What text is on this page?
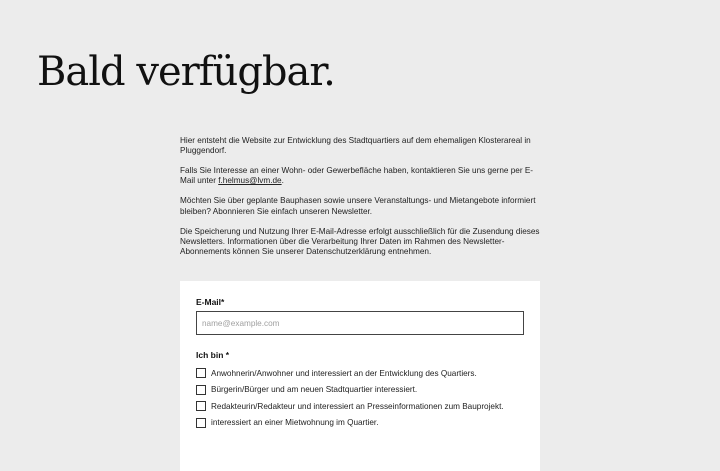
Bald verfügbar.

Hier entsteht die Website zur Entwicklung des Stadtquartiers auf dem ehemaligen Klosterareal in Pluggendorf.

Falls Sie Interesse an einer Wohn- oder Gewerbefläche haben, kontaktieren Sie uns gerne per E-Mail unter f.helmus@lvm.de.

Möchten Sie über geplante Bauphasen sowie unsere Veranstaltungs- und Mietangebote informiert bleiben? Abonnieren Sie einfach unseren Newsletter.

Die Speicherung und Nutzung Ihrer E-Mail-Adresse erfolgt ausschließlich für die Zusendung dieses Newsletters. Informationen über die Verarbeitung Ihrer Daten im Rahmen des Newsletter-Abonnements können Sie unserer Datenschutzerklärung entnehmen.

E-Mail*
name@example.com
Ich bin *
Anwohnerin/Anwohner und interessiert an der Entwicklung des Quartiers.
Bürgerin/Bürger und am neuen Stadtquartier interessiert.
Redakteurin/Redakteur und interessiert an Presseinformationen zum Bauprojekt.
interessiert an einer Mietwohnung im Quartier.
